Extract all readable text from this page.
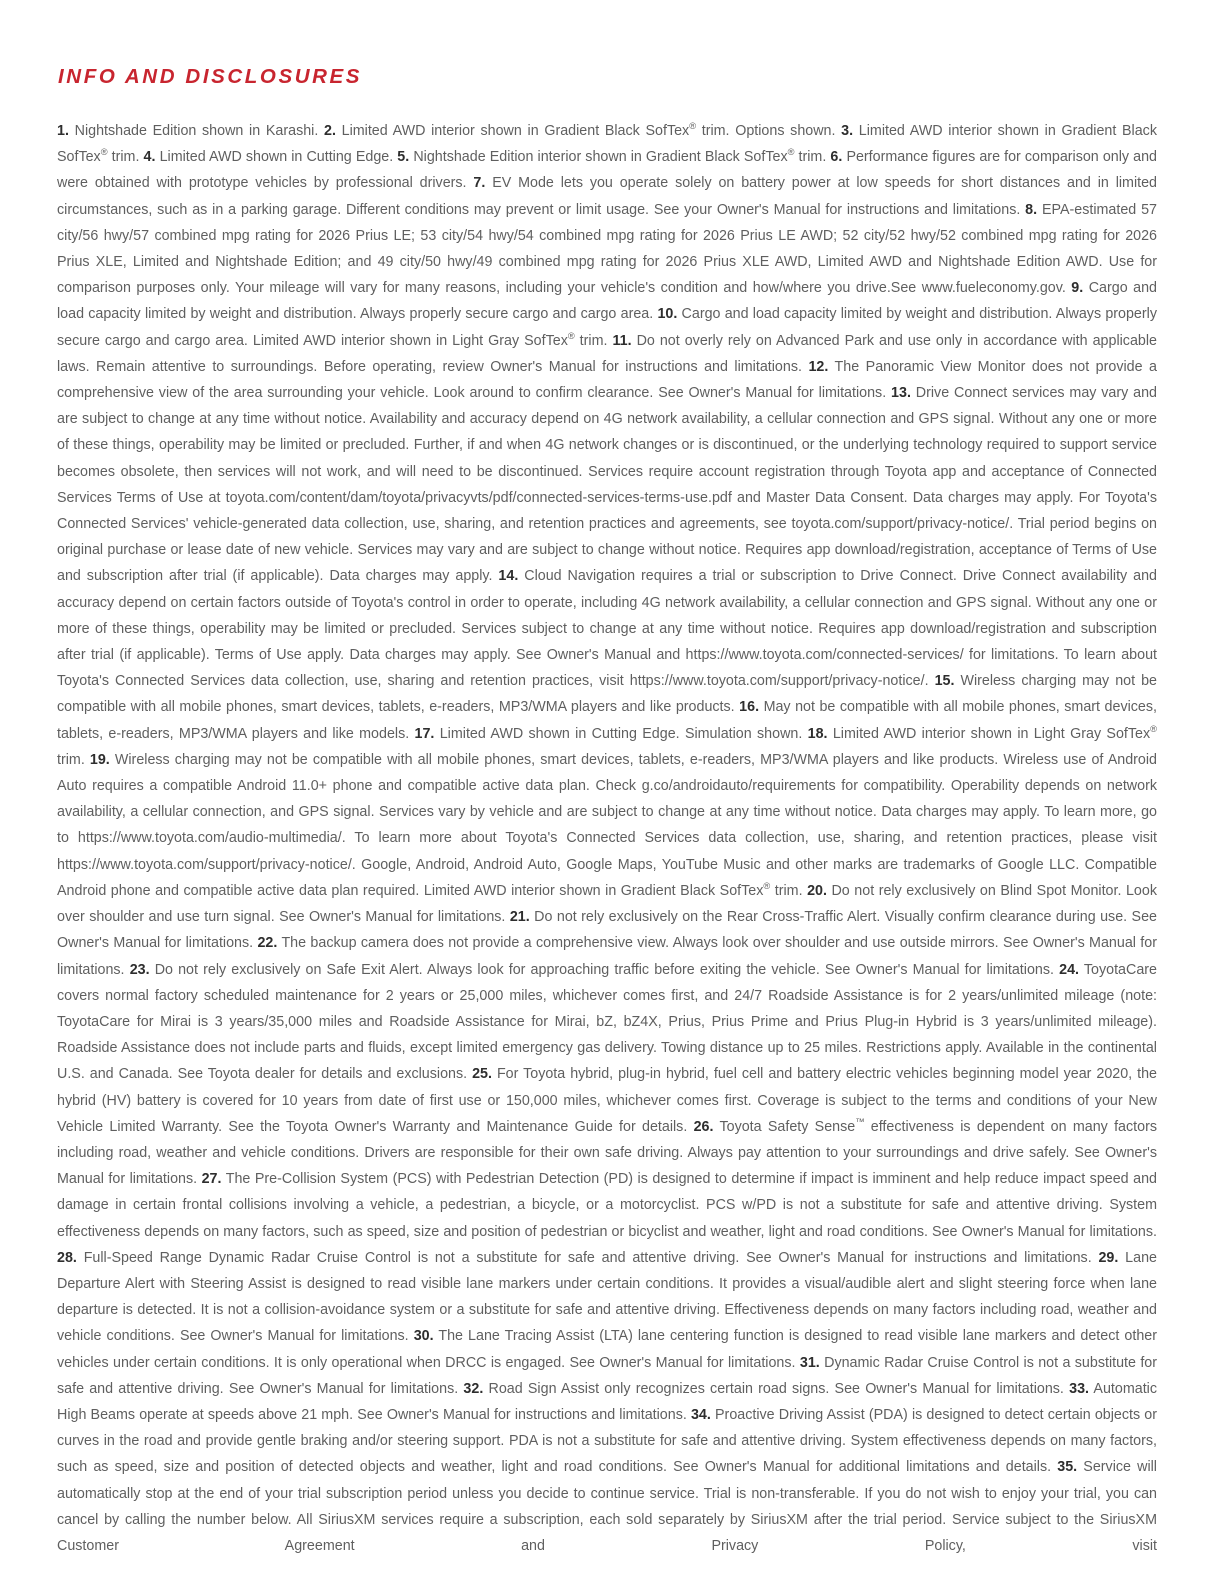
INFO AND DISCLOSURES
1. Nightshade Edition shown in Karashi. 2. Limited AWD interior shown in Gradient Black SofTex® trim. Options shown. 3. Limited AWD interior shown in Gradient Black SofTex® trim. 4. Limited AWD shown in Cutting Edge. 5. Nightshade Edition interior shown in Gradient Black SofTex® trim. 6. Performance figures are for comparison only and were obtained with prototype vehicles by professional drivers. 7. EV Mode lets you operate solely on battery power at low speeds for short distances and in limited circumstances, such as in a parking garage. Different conditions may prevent or limit usage. See your Owner's Manual for instructions and limitations. 8. EPA-estimated 57 city/56 hwy/57 combined mpg rating for 2026 Prius LE; 53 city/54 hwy/54 combined mpg rating for 2026 Prius LE AWD; 52 city/52 hwy/52 combined mpg rating for 2026 Prius XLE, Limited and Nightshade Edition; and 49 city/50 hwy/49 combined mpg rating for 2026 Prius XLE AWD, Limited AWD and Nightshade Edition AWD. Use for comparison purposes only. Your mileage will vary for many reasons, including your vehicle's condition and how/where you drive.See www.fueleconomy.gov. 9. Cargo and load capacity limited by weight and distribution. Always properly secure cargo and cargo area. 10. Cargo and load capacity limited by weight and distribution. Always properly secure cargo and cargo area. Limited AWD interior shown in Light Gray SofTex® trim. 11. Do not overly rely on Advanced Park and use only in accordance with applicable laws. Remain attentive to surroundings. Before operating, review Owner's Manual for instructions and limitations. 12. The Panoramic View Monitor does not provide a comprehensive view of the area surrounding your vehicle. Look around to confirm clearance. See Owner's Manual for limitations. 13. Drive Connect services may vary and are subject to change at any time without notice. Availability and accuracy depend on 4G network availability, a cellular connection and GPS signal. Without any one or more of these things, operability may be limited or precluded. Further, if and when 4G network changes or is discontinued, or the underlying technology required to support service becomes obsolete, then services will not work, and will need to be discontinued. Services require account registration through Toyota app and acceptance of Connected Services Terms of Use at toyota.com/content/dam/toyota/privacyvts/pdf/connected-services-terms-use.pdf and Master Data Consent. Data charges may apply. For Toyota's Connected Services' vehicle-generated data collection, use, sharing, and retention practices and agreements, see toyota.com/support/privacy-notice/. Trial period begins on original purchase or lease date of new vehicle. Services may vary and are subject to change without notice. Requires app download/registration, acceptance of Terms of Use and subscription after trial (if applicable). Data charges may apply. 14. Cloud Navigation requires a trial or subscription to Drive Connect. Drive Connect availability and accuracy depend on certain factors outside of Toyota's control in order to operate, including 4G network availability, a cellular connection and GPS signal. Without any one or more of these things, operability may be limited or precluded. Services subject to change at any time without notice. Requires app download/registration and subscription after trial (if applicable). Terms of Use apply. Data charges may apply. See Owner's Manual and https://www.toyota.com/connected-services/ for limitations. To learn about Toyota's Connected Services data collection, use, sharing and retention practices, visit https://www.toyota.com/support/privacy-notice/. 15. Wireless charging may not be compatible with all mobile phones, smart devices, tablets, e-readers, MP3/WMA players and like products. 16. May not be compatible with all mobile phones, smart devices, tablets, e-readers, MP3/WMA players and like models. 17. Limited AWD shown in Cutting Edge. Simulation shown. 18. Limited AWD interior shown in Light Gray SofTex® trim. 19. Wireless charging may not be compatible with all mobile phones, smart devices, tablets, e-readers, MP3/WMA players and like products. Wireless use of Android Auto requires a compatible Android 11.0+ phone and compatible active data plan. Check g.co/androidauto/requirements for compatibility. Operability depends on network availability, a cellular connection, and GPS signal. Services vary by vehicle and are subject to change at any time without notice. Data charges may apply. To learn more, go to https://www.toyota.com/audio-multimedia/. To learn more about Toyota's Connected Services data collection, use, sharing, and retention practices, please visit https://www.toyota.com/support/privacy-notice/. Google, Android, Android Auto, Google Maps, YouTube Music and other marks are trademarks of Google LLC. Compatible Android phone and compatible active data plan required. Limited AWD interior shown in Gradient Black SofTex® trim. 20. Do not rely exclusively on Blind Spot Monitor. Look over shoulder and use turn signal. See Owner's Manual for limitations. 21. Do not rely exclusively on the Rear Cross-Traffic Alert. Visually confirm clearance during use. See Owner's Manual for limitations. 22. The backup camera does not provide a comprehensive view. Always look over shoulder and use outside mirrors. See Owner's Manual for limitations. 23. Do not rely exclusively on Safe Exit Alert. Always look for approaching traffic before exiting the vehicle. See Owner's Manual for limitations. 24. ToyotaCare covers normal factory scheduled maintenance for 2 years or 25,000 miles, whichever comes first, and 24/7 Roadside Assistance is for 2 years/unlimited mileage (note: ToyotaCare for Mirai is 3 years/35,000 miles and Roadside Assistance for Mirai, bZ, bZ4X, Prius, Prius Prime and Prius Plug-in Hybrid is 3 years/unlimited mileage). Roadside Assistance does not include parts and fluids, except limited emergency gas delivery. Towing distance up to 25 miles. Restrictions apply. Available in the continental U.S. and Canada. See Toyota dealer for details and exclusions. 25. For Toyota hybrid, plug-in hybrid, fuel cell and battery electric vehicles beginning model year 2020, the hybrid (HV) battery is covered for 10 years from date of first use or 150,000 miles, whichever comes first. Coverage is subject to the terms and conditions of your New Vehicle Limited Warranty. See the Toyota Owner's Warranty and Maintenance Guide for details. 26. Toyota Safety Sense™ effectiveness is dependent on many factors including road, weather and vehicle conditions. Drivers are responsible for their own safe driving. Always pay attention to your surroundings and drive safely. See Owner's Manual for limitations. 27. The Pre-Collision System (PCS) with Pedestrian Detection (PD) is designed to determine if impact is imminent and help reduce impact speed and damage in certain frontal collisions involving a vehicle, a pedestrian, a bicycle, or a motorcyclist. PCS w/PD is not a substitute for safe and attentive driving. System effectiveness depends on many factors, such as speed, size and position of pedestrian or bicyclist and weather, light and road conditions. See Owner's Manual for limitations. 28. Full-Speed Range Dynamic Radar Cruise Control is not a substitute for safe and attentive driving. See Owner's Manual for instructions and limitations. 29. Lane Departure Alert with Steering Assist is designed to read visible lane markers under certain conditions. It provides a visual/audible alert and slight steering force when lane departure is detected. It is not a collision-avoidance system or a substitute for safe and attentive driving. Effectiveness depends on many factors including road, weather and vehicle conditions. See Owner's Manual for limitations. 30. The Lane Tracing Assist (LTA) lane centering function is designed to read visible lane markers and detect other vehicles under certain conditions. It is only operational when DRCC is engaged. See Owner's Manual for limitations. 31. Dynamic Radar Cruise Control is not a substitute for safe and attentive driving. See Owner's Manual for limitations. 32. Road Sign Assist only recognizes certain road signs. See Owner's Manual for limitations. 33. Automatic High Beams operate at speeds above 21 mph. See Owner's Manual for instructions and limitations. 34. Proactive Driving Assist (PDA) is designed to detect certain objects or curves in the road and provide gentle braking and/or steering support. PDA is not a substitute for safe and attentive driving. System effectiveness depends on many factors, such as speed, size and position of detected objects and weather, light and road conditions. See Owner's Manual for additional limitations and details. 35. Service will automatically stop at the end of your trial subscription period unless you decide to continue service. Trial is non-transferable. If you do not wish to enjoy your trial, you can cancel by calling the number below. All SiriusXM services require a subscription, each sold separately by SiriusXM after the trial period. Service subject to the SiriusXM Customer Agreement and Privacy Policy, visit
